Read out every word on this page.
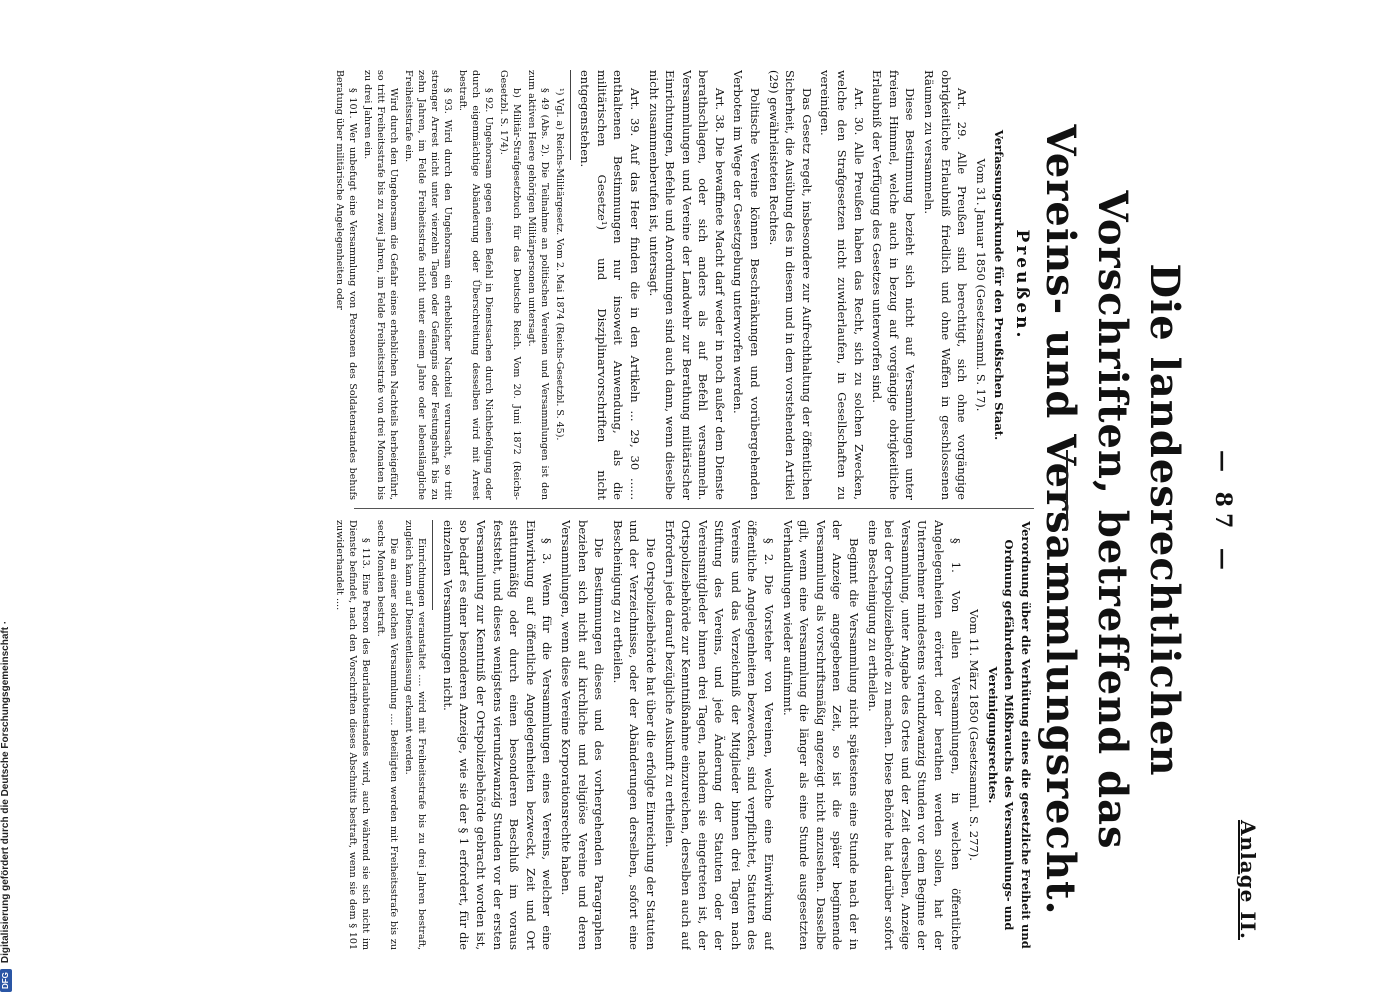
Anlage II.
— 87 —
Die landesrechtlichen Vorschriften, betreffend das Vereins- und Versammlungsrecht.

Preußen.

Verfassungsurkunde für den Preußischen Staat.

Vom 31. Januar 1850 (Gesetzsamml. S. 17).

Art. 29. Alle Preußen sind berechtigt, sich ohne vorgängige obrigkeitliche Erlaubniß friedlich und ohne Waffen in geschlossenen Räumen zu versammeln.

Diese Bestimmung bezieht sich nicht auf Versammlungen unter freiem Himmel, welche auch in bezug auf vorgängige obrigkeitliche Erlaubniß der Verfügung des Gesetzes unterworfen sind.

Art. 30. Alle Preußen haben das Recht, sich zu solchen Zwecken, welche den Strafgesetzen nicht zuwiderlaufen, in Gesellschaften zu vereinigen.

Das Gesetz regelt, insbesondere zur Aufrechthaltung der öffentlichen Sicherheit, die Ausübung des in diesem und in dem vorstehenden Artikel (29) gewährleisteten Rechtes.

Politische Vereine können Beschränkungen und vorübergehenden Verboten im Wege der Gesetzgebung unterworfen werden.

Art. 38. Die bewaffnete Macht darf weder in noch außer dem Dienste berathschlagen, oder sich anders als auf Befehl versammeln. Versammlungen und Vereine der Landwehr zur Berathung militärischer Einrichtungen, Befehle und Anordnungen sind auch dann, wenn dieselbe nicht zusammenberufen ist, untersagt.

Art. 39. Auf das Heer finden die in den Artikeln ... 29, 30 ...... enthaltenen Bestimmungen nur insoweit Anwendung, als die militärischen Gesetze¹) und Disziplinarvorschriften nicht entgegenstehen.

¹) Vgl. a) Reichs-Militärgesetz. Vom 2. Mai 1874 (Reichs-Gesetzbl. S. 45).

§ 49 (Abs. 2). Die Teilnahme an politischen Vereinen und Versammlungen ist den zum aktiven Heere gehörigen Militärpersonen untersagt.

b) Militär-Strafgesetzbuch für das Deutsche Reich. Vom 20. Juni 1872 (Reichs-Gesetzbl. S. 174).

§ 92. Ungehorsam gegen einen Befehl in Dienstsachen durch Nichtbefolgung oder durch eigenmächtige Abänderung oder Überschreitung desselben wird mit Arrest bestraft.

§ 93. Wird durch den Ungehorsam ein erheblicher Nachteil verursacht, so tritt strenger Arrest nicht unter vierzehn Tagen oder Gefängnis oder Festungshaft bis zu zehn Jahren, im Felde Freiheitsstrafe nicht unter einem Jahre oder lebenslängliche Freiheitsstrafe ein.

Wird durch den Ungehorsam die Gefahr eines erheblichen Nachteils herbeigeführt, so tritt Freiheitsstrafe bis zu zwei Jahren, im Felde Freiheitsstrafe von drei Monaten bis zu drei Jahren ein.

§ 101. Wer unbefugt eine Versammlung von Personen des Soldatenstandes behufs Beratung über militärische Angelegenheiten oder

Verordnung über die Verhütung eines die gesetzliche Freiheit und Ordnung gefährdenden Mißbrauchs des Versammlungs- und Vereinigungsrechtes.

Vom 11. März 1850 (Gesetzsamml. S. 277).

§ 1. Von allen Versammlungen, in welchen öffentliche Angelegenheiten erörtert oder berathen werden sollen, hat der Unternehmer mindestens vierundzwanzig Stunden vor dem Beginne der Versammlung, unter Angabe des Ortes und der Zeit derselben, Anzeige bei der Ortspolizeibehörde zu machen. Diese Behörde hat darüber sofort eine Bescheinigung zu ertheilen.

Beginnt die Versammlung nicht spätestens eine Stunde nach der in der Anzeige angegebenen Zeit, so ist die später beginnende Versammlung als vorschriftsmäßig angezeigt nicht anzusehen. Dasselbe gilt, wenn eine Versammlung die länger als eine Stunde ausgesetzten Verhandlungen wieder aufnimmt.

§ 2. Die Vorsteher von Vereinen, welche eine Einwirkung auf öffentliche Angelegenheiten bezwecken, sind verpflichtet, Statuten des Vereins und das Verzeichniß der Mitglieder binnen drei Tagen nach Stiftung des Vereins, und jede Änderung der Statuten oder der Vereinsmitglieder binnen drei Tagen, nachdem sie eingetreten ist, der Ortspolizeibehörde zur Kenntnißnahme einzureichen, derselben auch auf Erfordern jede darauf bezügliche Auskunft zu ertheilen.

Die Ortspolizeibehörde hat über die erfolgte Einreichung der Statuten und der Verzeichnisse, oder der Abänderungen derselben, sofort eine Bescheinigung zu ertheilen.

Die Bestimmungen dieses und des vorhergehenden Paragraphen beziehen sich nicht auf kirchliche und religiöse Vereine und deren Versammlungen, wenn diese Vereine Korporationsrechte haben.

§ 3. Wenn für die Versammlungen eines Vereins, welcher eine Einwirkung auf öffentliche Angelegenheiten bezweckt, Zeit und Ort stattunmäßig oder durch einen besonderen Beschluß im voraus feststeht, und dieses wenigstens vierundzwanzig Stunden vor der ersten Versammlung zur Kenntniß der Ortspolizeibehörde gebracht worden ist, so bedarf es einer besonderen Anzeige, wie sie der § 1 erfordert, für die einzelnen Versammlungen nicht.

Einrichtungen veranstaltet .... wird mit Freiheitsstrafe bis zu drei Jahren bestraft, zugleich kann auf Dienstentlassung erkannt werden.

Die an einer solchen Versammlung .... Beteiligten werden mit Freiheitsstrafe bis zu sechs Monaten bestraft.

§ 113. Eine Person des Beurlaubtenstandes wird, auch während sie sich nicht im Dienste befindet, nach den Vorschriften dieses Abschnitts bestraft, wenn sie dem § 101 zuwiderhandelt ....

DFGDigitalisierung gefördert durch die Deutsche Forschungsgemeinschaft ·
